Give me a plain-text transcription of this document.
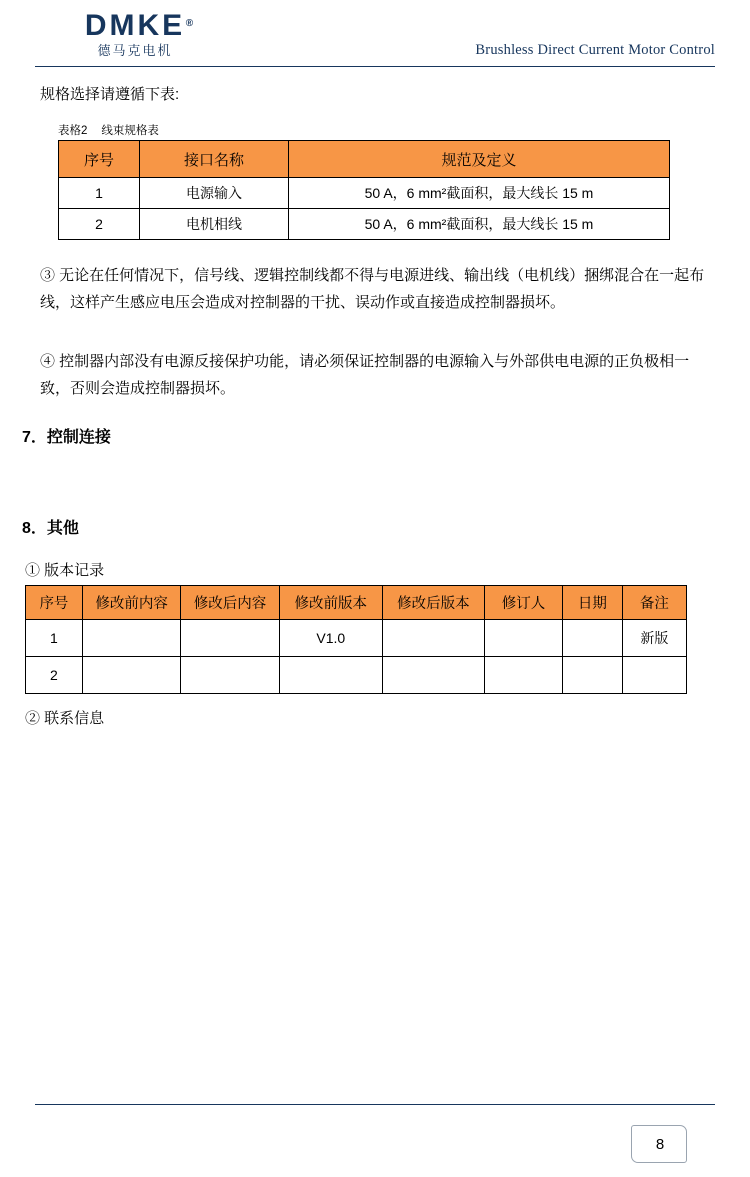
DMKE ®
德马克电机	Brushless Direct Current Motor Control
规格选择请遵循下表:
表格2 线束规格表
序号	接口名称	规范及定义
1	电源输入	50 A，6 mm²截面积，最大线长 15 m
2	电机相线	50 A，6 mm²截面积，最大线长 15 m
③ 无论在任何情况下，信号线、逻辑控制线都不得与电源进线、输出线（电机线）捆绑混合在一起布线，这样产生感应电压会造成对控制器的干扰、误动作或直接造成控制器损坏。
④ 控制器内部没有电源反接保护功能，请必须保证控制器的电源输入与外部供电电源的正负极相一致，否则会造成控制器损坏。
7．控制连接
8．其他
① 版本记录
序号	修改前内容	修改后内容	修改前版本	修改后版本	修订人	日期	备注
1			V1.0				新版
2							
② 联系信息
8
